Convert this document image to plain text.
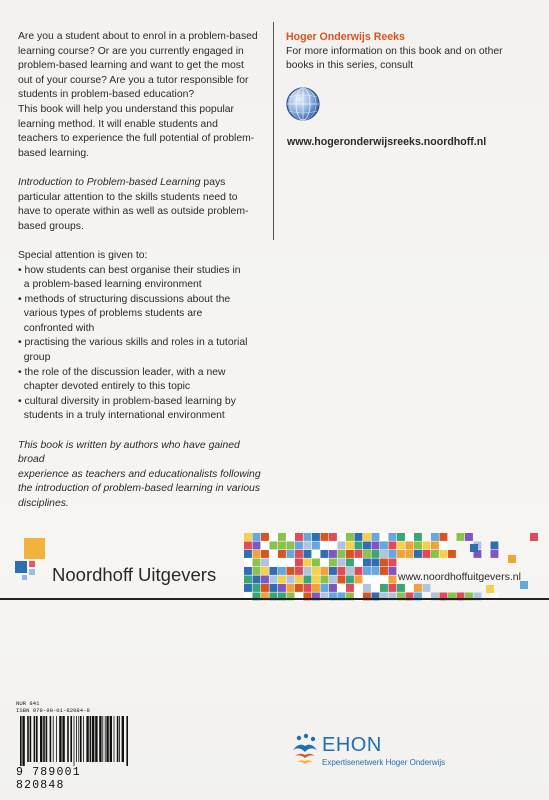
Are you a student about to enrol in a problem-based

learning course? Or are you currently engaged in

problem-based learning and want to get the most

out of your course? Are you a tutor responsible for

students in problem-based education?

This book will help you understand this popular

learning method. It will enable students and

teachers to experience the full potential of problem-

based learning.

Introduction to Problem-based Learning pays

particular attention to the skills students need to

have to operate within as well as outside problem-

based groups.

Special attention is given to:

• how students can best organise their studies in

a problem-based learning environment

• methods of structuring discussions about the

various types of problems students are

confronted with

• practising the various skills and roles in a tutorial

group

• the role of the discussion leader, with a new

chapter devoted entirely to this topic

• cultural diversity in problem-based learning by

students in a truly international environment

This book is written by authors who have gained broad

experience as teachers and educationalists following

the introduction of problem-based learning in various

disciplines.

Hoger Onderwijs Reeks
For more information on this book and on other
books in this series, consult
www.hogeronderwijsreeks.noordhoff.nl
Noordhoff Uitgevers	www.noordhoffuitgevers.nl
NUR 841
ISBN 978-90-01-82084-8
9 789001 820848
EHON
Expertisenetwerk Hoger Onderwijs
